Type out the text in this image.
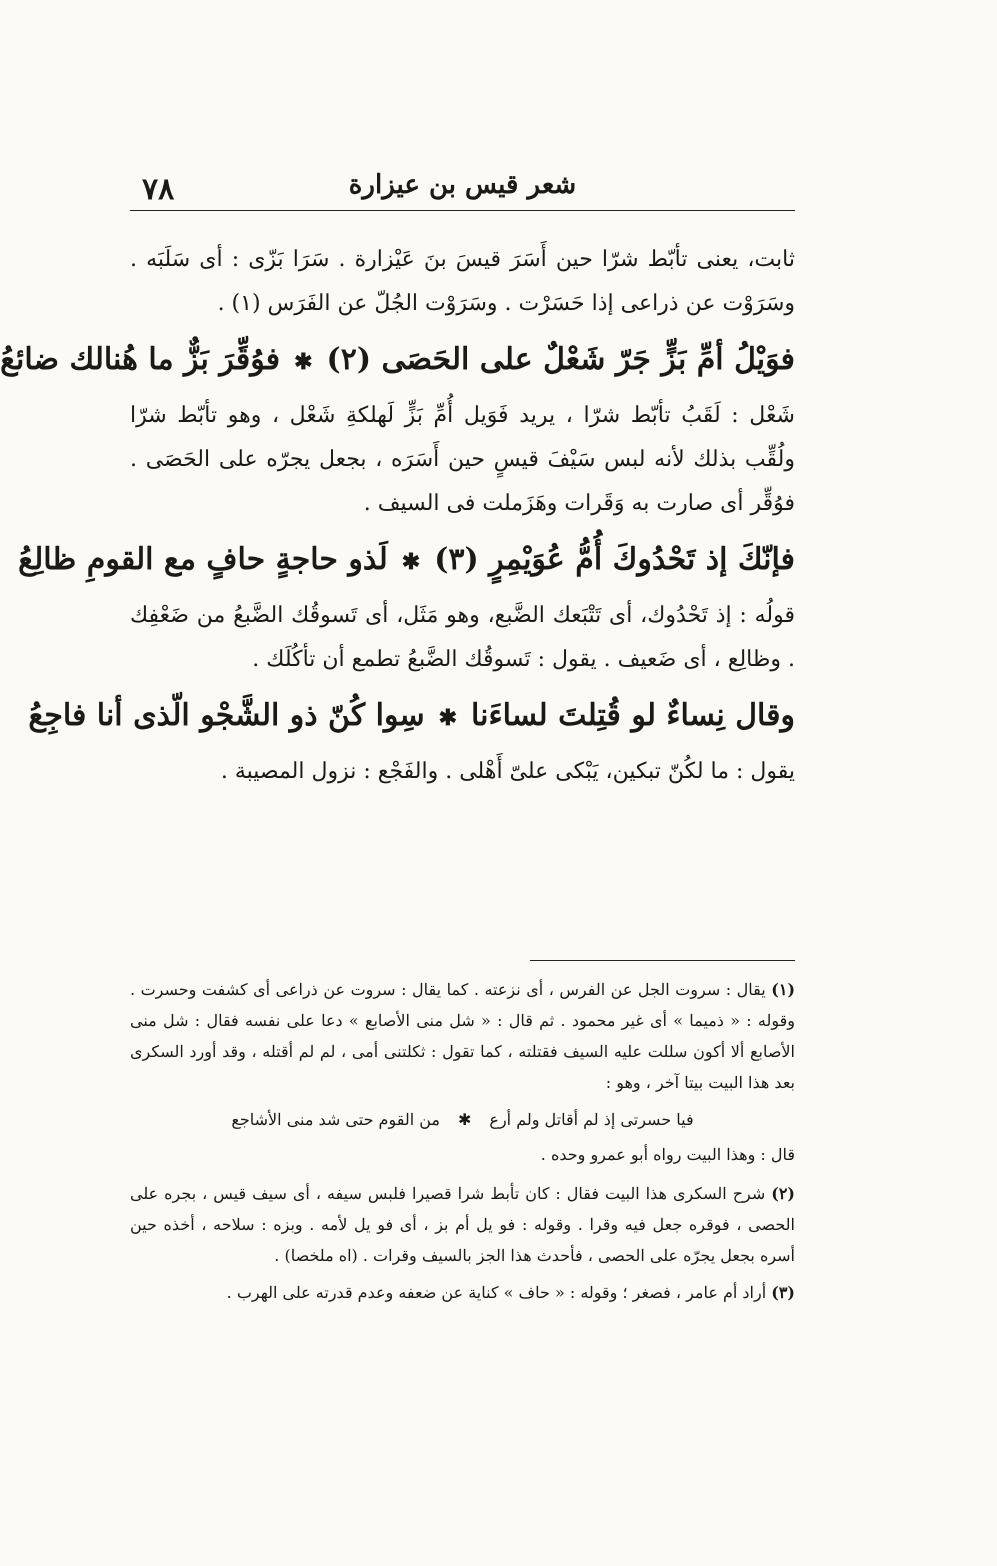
٧٨	شعر قيس بن عيزارة

ثابت، يعنى تأبّط شرّا حين أَسَرَ قيسَ بنَ عَيْزارة . سَرَا بَزّى : أى سَلَبَه . وسَرَوْت عن ذراعى إذا حَسَرْت . وسَرَوْت الجُلّ عن الفَرَس (١) .

فوَيْلُ أمِّ بَزٍّ جَرّ شَعْلٌ على الحَصَى (٢)
✱
فوُقِّرَ بَزٌّ ما هُنالك ضائعُ

شَعْل : لَقَبُ تأبّط شرّا ، يريد فَوَيل أُمِّ بَزٍّ لَهلكةِ شَعْل ، وهو تأبّط شرّا ولُقِّب بذلك لأنه لبس سَيْفَ قيسٍ حين أَسَرَه ، بجعل يجرّه على الحَصَى . فوُقِّر أى صارت به وَقَرات وهَزَملت فى السيف .

فإنّكَ إذ تَحْدُوكَ أُمُّ عُوَيْمِرٍ (٣)
✱
لَذو حاجةٍ حافٍ مع القومِ ظالِعُ

قولُه : إذ تَحْدُوك، أى تَتْبَعك الضَّبع، وهو مَثَل، أى تَسوقُك الضَّبعُ من ضَعْفِك . وظالِع ، أى ضَعيف . يقول : تَسوقُك الضَّبعُ تطمع أن تأكُلَك .

وقال نِساءٌ لو قُتِلتَ لساءَنا
✱
سِوا كُنّ ذو الشَّجْو الّذى أنا فاجِعُ

يقول : ما لكُنّ تبكين، يَبْكى علىّ أَهْلى . والفَجْع : نزول المصيبة .

(١) يقال : سروت الجل عن الفرس ، أى نزعته . كما يقال : سروت عن ذراعى أى كشفت وحسرت . وقوله : « ذميما » أى غير محمود . ثم قال : « شل منى الأصابع » دعا على نفسه فقال : شل منى الأصابع ألا أكون سللت عليه السيف فقتلته ، كما تقول : ثكلتنى أمى ، لم لم أقتله ، وقد أورد السكرى بعد هذا البيت بيتا آخر ، وهو :

فيا حسرتى إذ لم أقاتل ولم أرع
✱
من القوم حتى شد منى الأشاجع

قال : وهذا البيت رواه أبو عمرو وحده .

(٢) شرح السكرى هذا البيت فقال : كان تأبط شرا قصيرا فلبس سيفه ، أى سيف قيس ، بجره على الحصى ، فوقره جعل فيه وقرا . وقوله : فو يل أم بز ، أى فو يل لأمه . وبزه : سلاحه ، أخذه حين أسره بجعل يجرّه على الحصى ، فأحدث هذا الجز بالسيف وقرات . (اه ملخصا) .

(٣) أراد أم عامر ، فصغر ؛ وقوله : « حاف » كناية عن ضعفه وعدم قدرته على الهرب .
